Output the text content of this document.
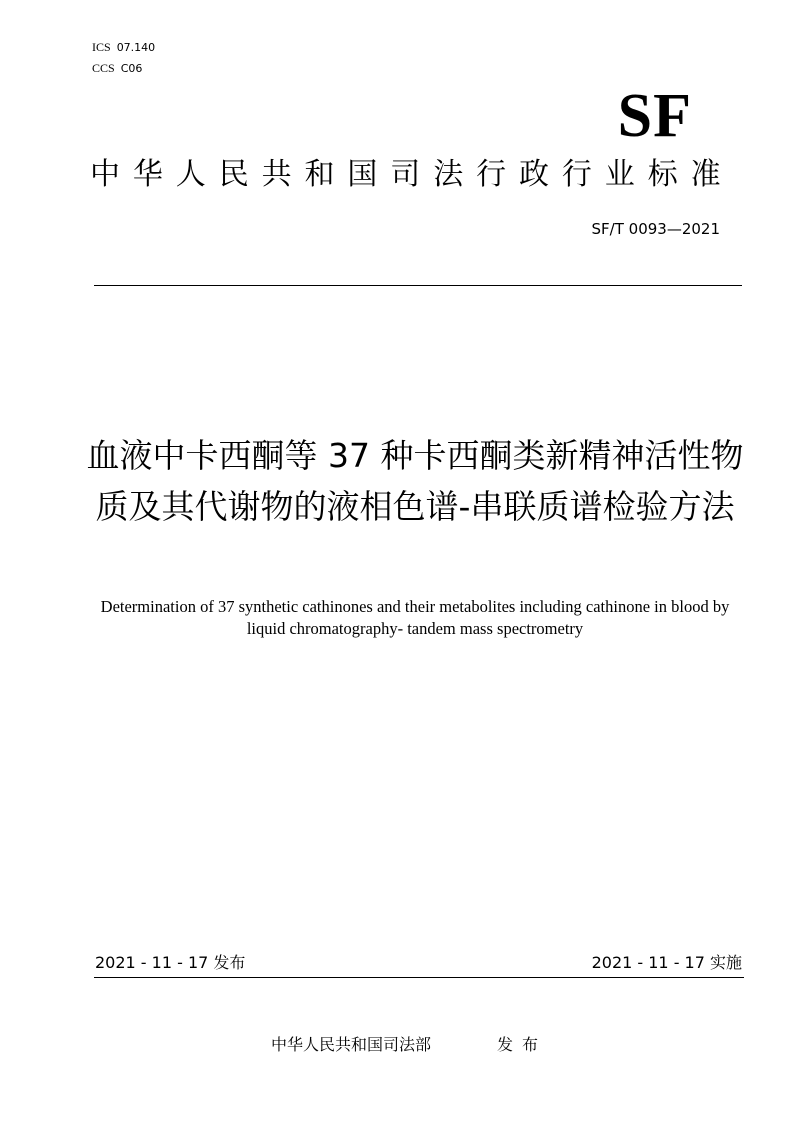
ICS 07.140
CCS C06
SF
中华人民共和国司法行政行业标准
SF/T 0093—2021
血液中卡西酮等 37 种卡西酮类新精神活性物质及其代谢物的液相色谱-串联质谱检验方法
Determination of 37 synthetic cathinones and their metabolites including cathinone in blood by liquid chromatography- tandem mass spectrometry
2021 - 11 - 17 发布	2021 - 11 - 17 实施
中华人民共和国司法部	发布
